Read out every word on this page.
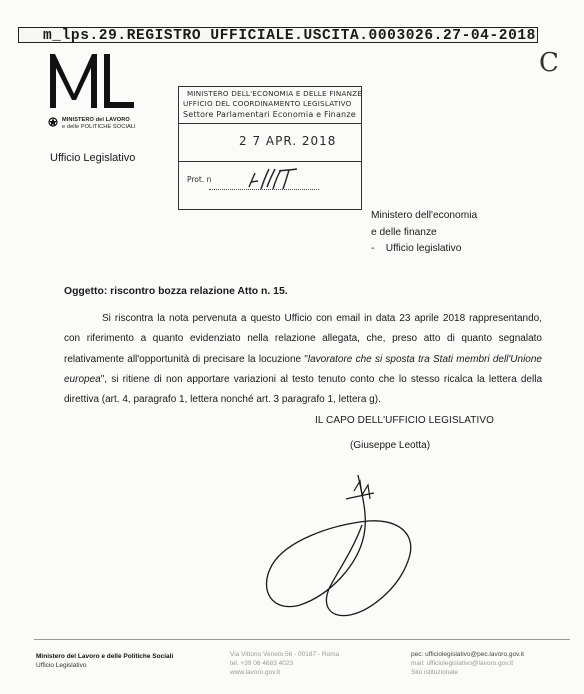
m_lps.29.REGISTRO UFFICIALE.USCITA.0003026.27-04-2018
C
MINISTERO del LAVORO
e delle POLITICHE SOCIALI
Ufficio Legislativo
MINISTERO DELL'ECONOMIA E DELLE FINANZE
UFFICIO DEL COORDINAMENTO LEGISLATIVO
Settore Parlamentari Economia e Finanze
2 7 APR. 2018
Prot. n
Ministero dell'economia
e delle finanze
-    Ufficio legislativo
Oggetto: riscontro bozza relazione Atto n. 15.

Si riscontra la nota pervenuta a questo Ufficio con email in data 23 aprile 2018 rappresentando, con riferimento a quanto evidenziato nella relazione allegata, che, preso atto di quanto segnalato relativamente all'opportunità di precisare la locuzione "lavoratore che si sposta tra Stati membri dell'Unione europea", si ritiene di non apportare variazioni al testo tenuto conto che lo stesso ricalca la lettera della direttiva (art. 4, paragrafo 1, lettera nonché art. 3 paragrafo 1, lettera g).

IL CAPO DELL'UFFICIO LEGISLATIVO
(Giuseppe Leotta)
Ministero del Lavoro e delle Politiche Sociali
Ufficio Legislativo
Via Vittorio Veneto 56 - 00187 - Roma
tel. +39 06 4683 4023
www.lavoro.gov.it
pec: ufficiolegislativo@pec.lavoro.gov.it
mail: ufficiolegislativo@lavoro.gov.it
Sito istituzionale
